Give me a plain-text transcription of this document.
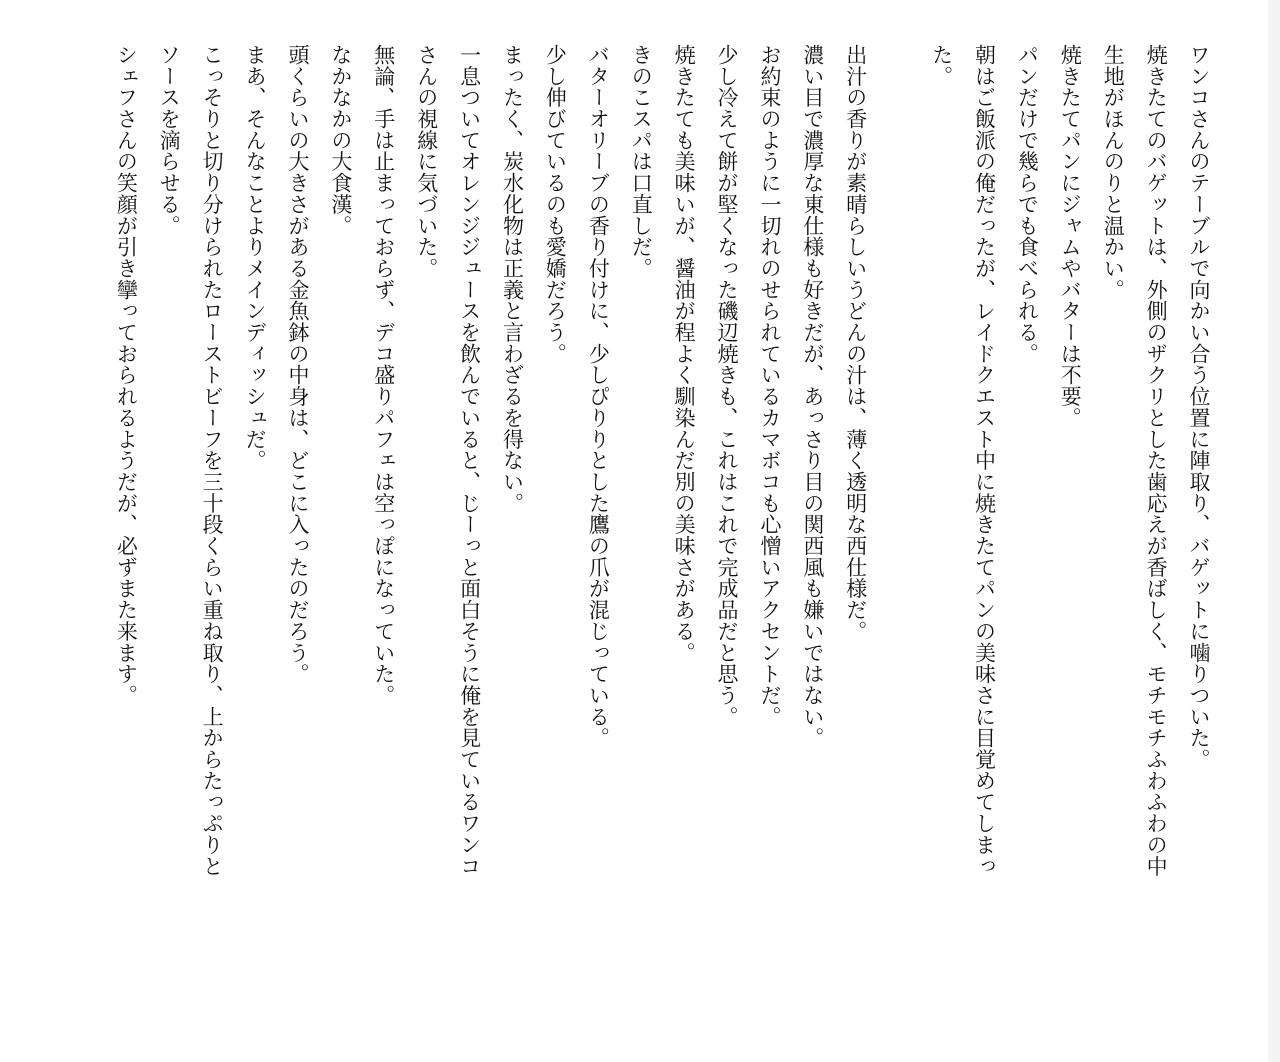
ワンコさんのテーブルで向かい合う位置に陣取り、バゲットに噛りついた。
焼きたてのバゲットは、外側のザクリとした歯応えが香ばしく、モチモチふわふわの中
生地がほんのりと温かい。
焼きたてパンにジャムやバターは不要。
パンだけで幾らでも食べられる。
朝はご飯派の俺だったが、レイドクエスト中に焼きたてパンの美味さに目覚めてしまっ
た。
出汁の香りが素晴らしいうどんの汁は、薄く透明な西仕様だ。
濃い目で濃厚な東仕様も好きだが、あっさり目の関西風も嫌いではない。
お約束のように一切れのせられているカマボコも心憎いアクセントだ。
少し冷えて餅が堅くなった磯辺焼きも、これはこれで完成品だと思う。
焼きたても美味いが、醤油が程よく馴染んだ別の美味さがある。
きのこスパは口直しだ。
バターオリーブの香り付けに、少しぴりりとした鷹の爪が混じっている。
少し伸びているのも愛嬌だろう。
まったく、炭水化物は正義と言わざるを得ない。
一息ついてオレンジジュースを飲んでいると、じーっと面白そうに俺を見ているワンコ
さんの視線に気づいた。
無論、手は止まっておらず、デコ盛りパフェは空っぽになっていた。
なかなかの大食漢。
頭くらいの大きさがある金魚鉢の中身は、どこに入ったのだろう。
まあ、そんなことよりメインディッシュだ。
こっそりと切り分けられたローストビーフを三十段くらい重ね取り、上からたっぷりと
ソースを滴らせる。
シェフさんの笑顔が引き攣っておられるようだが、必ずまた来ます。
